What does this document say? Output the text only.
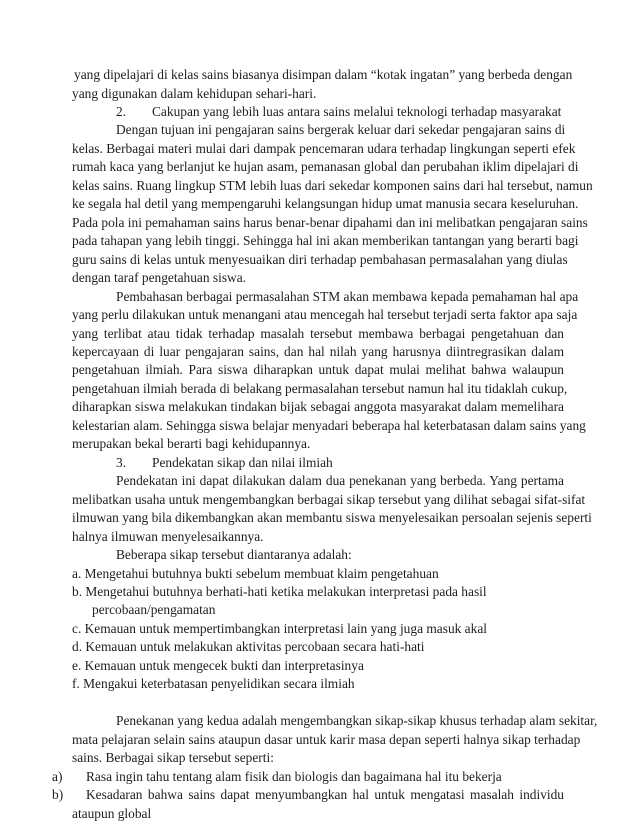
yang dipelajari di kelas sains biasanya disimpan dalam “kotak ingatan” yang berbeda dengan
yang digunakan dalam kehidupan sehari-hari.
2. Cakupan yang lebih luas antara sains melalui teknologi terhadap masyarakat
Dengan tujuan ini pengajaran sains bergerak keluar dari sekedar pengajaran sains di
kelas. Berbagai materi mulai dari dampak pencemaran udara terhadap lingkungan seperti efek
rumah kaca yang berlanjut ke hujan asam, pemanasan global dan perubahan iklim dipelajari di
kelas sains. Ruang lingkup STM lebih luas dari sekedar komponen sains dari hal tersebut, namun
ke segala hal detil yang mempengaruhi kelangsungan hidup umat manusia secara keseluruhan.
Pada pola ini pemahaman sains harus benar-benar dipahami dan ini melibatkan pengajaran sains
pada tahapan yang lebih tinggi. Sehingga hal ini akan memberikan tantangan yang berarti bagi
guru sains di kelas untuk menyesuaikan diri terhadap pembahasan permasalahan yang diulas
dengan taraf pengetahuan siswa.
Pembahasan berbagai permasalahan STM akan membawa kepada pemahaman hal apa
yang perlu dilakukan untuk menangani atau mencegah hal tersebut terjadi serta faktor apa saja
yang terlibat atau tidak terhadap masalah tersebut membawa berbagai pengetahuan dan
kepercayaan di luar pengajaran sains, dan hal nilah yang harusnya diintregrasikan dalam
pengetahuan ilmiah. Para siswa diharapkan untuk dapat mulai melihat bahwa walaupun
pengetahuan ilmiah berada di belakang permasalahan tersebut namun hal itu tidaklah cukup,
diharapkan siswa melakukan tindakan bijak sebagai anggota masyarakat dalam memelihara
kelestarian alam. Sehingga siswa belajar menyadari beberapa hal keterbatasan dalam sains yang
merupakan bekal berarti bagi kehidupannya.
3. Pendekatan sikap dan nilai ilmiah
Pendekatan ini dapat dilakukan dalam dua penekanan yang berbeda. Yang pertama
melibatkan usaha untuk mengembangkan berbagai sikap tersebut yang dilihat sebagai sifat-sifat
ilmuwan yang bila dikembangkan akan membantu siswa menyelesaikan persoalan sejenis seperti
halnya ilmuwan menyelesaikannya.
Beberapa sikap tersebut diantaranya adalah:
a. Mengetahui butuhnya bukti sebelum membuat klaim pengetahuan
b. Mengetahui butuhnya berhati-hati ketika melakukan interpretasi pada hasil
percobaan/pengamatan
c. Kemauan untuk mempertimbangkan interpretasi lain yang juga masuk akal
d. Kemauan untuk melakukan aktivitas percobaan secara hati-hati
e. Kemauan untuk mengecek bukti dan interpretasinya
f. Mengakui keterbatasan penyelidikan secara ilmiah
Penekanan yang kedua adalah mengembangkan sikap-sikap khusus terhadap alam sekitar,
mata pelajaran selain sains ataupun dasar untuk karir masa depan seperti halnya sikap terhadap
sains. Berbagai sikap tersebut seperti:
a) Rasa ingin tahu tentang alam fisik dan biologis dan bagaimana hal itu bekerja
b) Kesadaran bahwa sains dapat menyumbangkan hal untuk mengatasi masalah individu
ataupun global
